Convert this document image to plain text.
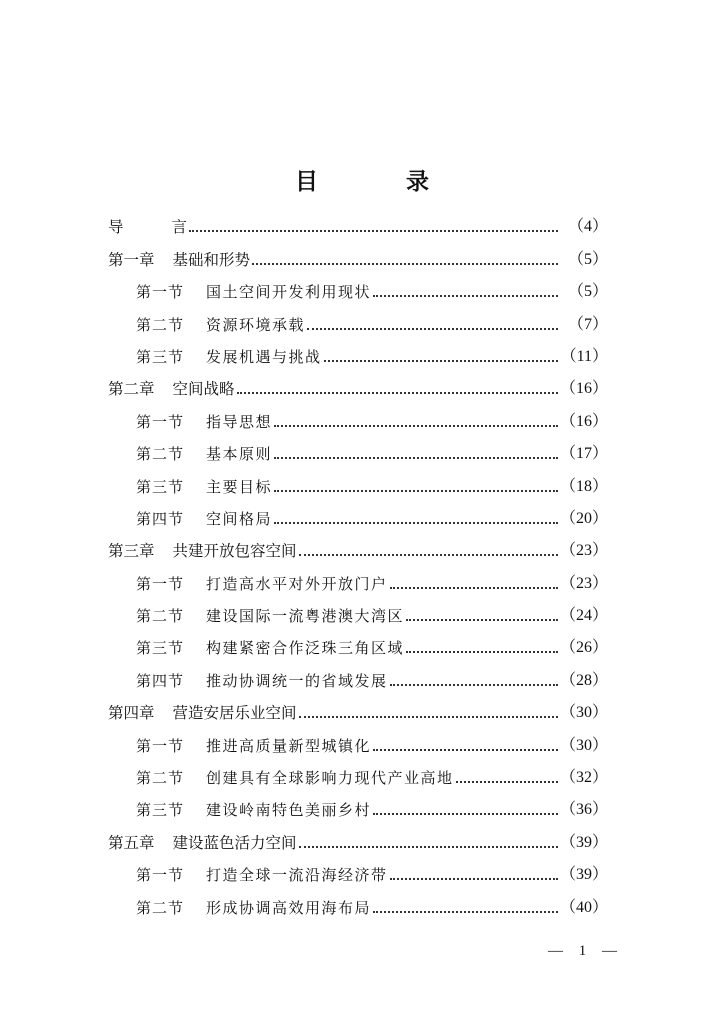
目 录
导	言	（4）
第一章 基础和形势	（5）
第一节 国土空间开发利用现状	（5）
第二节 资源环境承载	（7）
第三节 发展机遇与挑战	（11）
第二章 空间战略	（16）
第一节 指导思想	（16）
第二节 基本原则	（17）
第三节 主要目标	（18）
第四节 空间格局	（20）
第三章 共建开放包容空间	（23）
第一节 打造高水平对外开放门户	（23）
第二节 建设国际一流粤港澳大湾区	（24）
第三节 构建紧密合作泛珠三角区域	（26）
第四节 推动协调统一的省域发展	（28）
第四章 营造安居乐业空间	（30）
第一节 推进高质量新型城镇化	（30）
第二节 创建具有全球影响力现代产业高地	（32）
第三节 建设岭南特色美丽乡村	（36）
第五章 建设蓝色活力空间	（39）
第一节 打造全球一流沿海经济带	（39）
第二节 形成协调高效用海布局	（40）
— 1 —
